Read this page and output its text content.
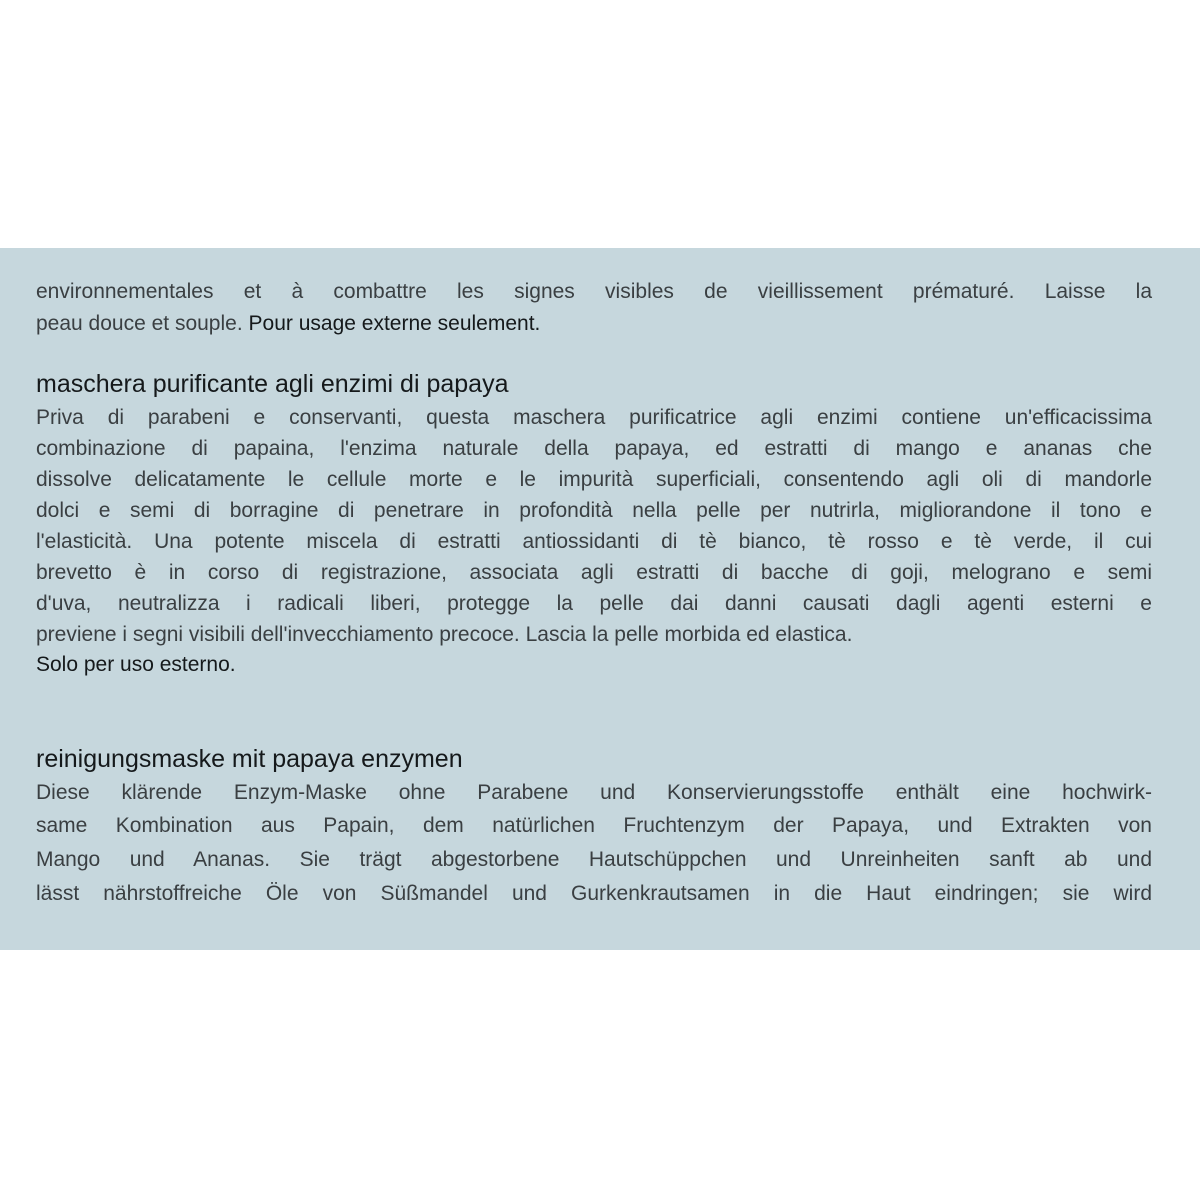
environnementales et à combattre les signes visibles de vieillissement prématuré. Laisse la
peau douce et souple. Pour usage externe seulement.
maschera purificante agli enzimi di papaya
Priva di parabeni e conservanti, questa maschera purificatrice agli enzimi contiene un'efficacissima
combinazione di papaina, l'enzima naturale della papaya, ed estratti di mango e ananas che
dissolve delicatamente le cellule morte e le impurità superficiali, consentendo agli oli di mandorle
dolci e semi di borragine di penetrare in profondità nella pelle per nutrirla, migliorandone il tono e
l'elasticità. Una potente miscela di estratti antiossidanti di tè bianco, tè rosso e tè verde, il cui
brevetto è in corso di registrazione, associata agli estratti di bacche di goji, melograno e semi
d'uva, neutralizza i radicali liberi, protegge la pelle dai danni causati dagli agenti esterni e
previene i segni visibili dell'invecchiamento precoce. Lascia la pelle morbida ed elastica.
Solo per uso esterno.
reinigungsmaske mit papaya enzymen
Diese klärende Enzym-Maske ohne Parabene und Konservierungsstoffe enthält eine hochwirk-
same Kombination aus Papain, dem natürlichen Fruchtenzym der Papaya, und Extrakten von
Mango und Ananas. Sie trägt abgestorbene Hautschüppchen und Unreinheiten sanft ab und
lässt nährstoffreiche Öle von Süßmandel und Gurkenkrautsamen in die Haut eindringen; sie wird
